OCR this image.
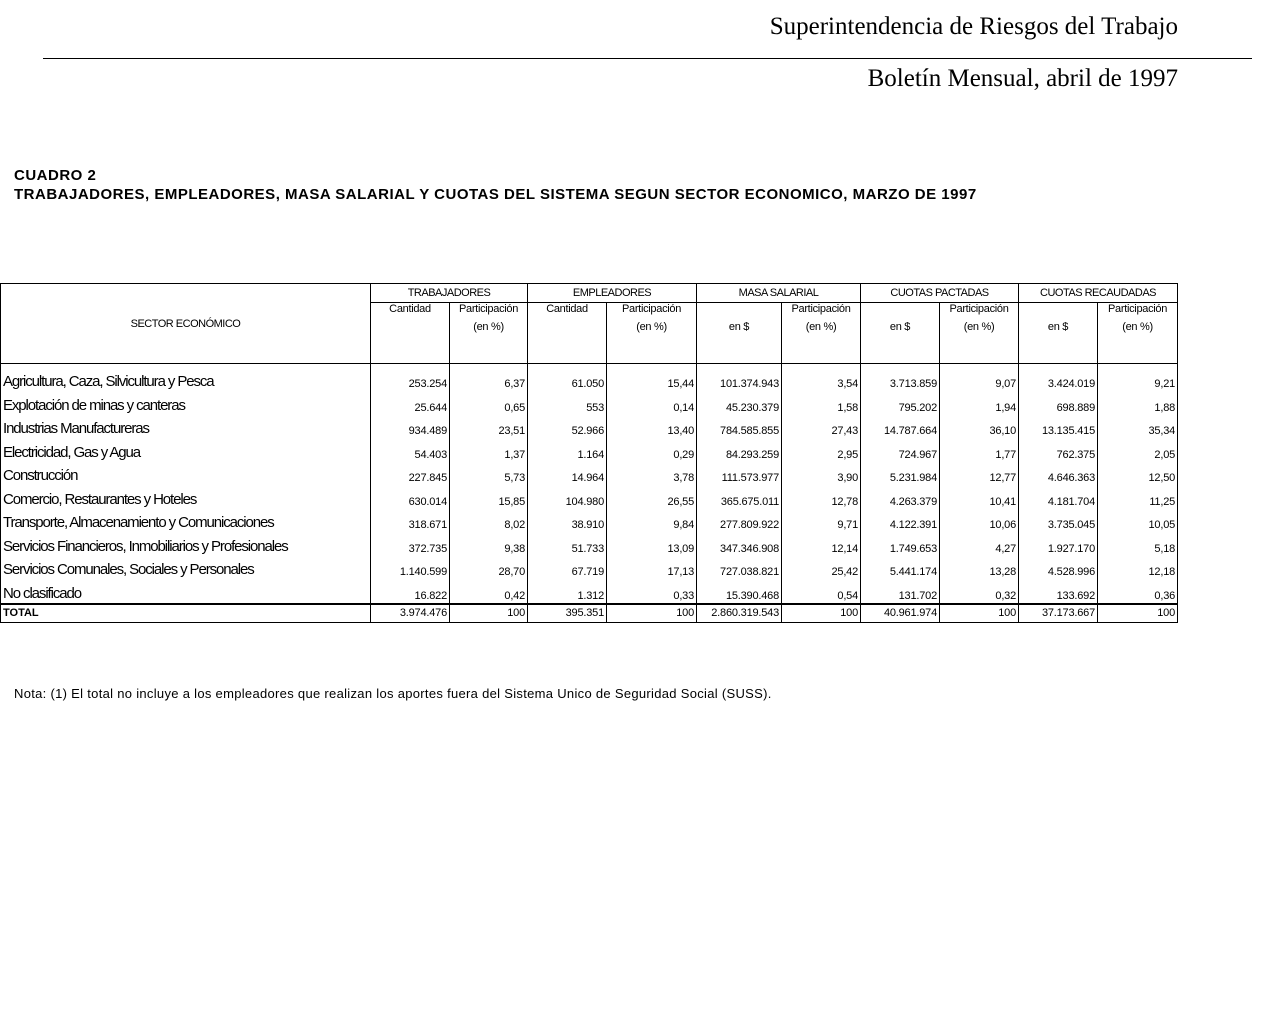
Superintendencia de Riesgos del Trabajo
Boletín Mensual, abril de 1997
CUADRO 2
TRABAJADORES, EMPLEADORES, MASA SALARIAL Y CUOTAS DEL SISTEMA SEGUN SECTOR ECONOMICO, MARZO DE 1997
SECTOR ECONÓMICO	TRABAJADORES		EMPLEADORES		MASA SALARIAL		CUOTAS PACTADAS		CUOTAS RECAUDADAS	
	Cantidad	Participación	Cantidad	Participación		Participación		Participación		Participación
		(en %)		(en %)	en $	(en %)	en $	(en %)	en $	(en %)
Agricultura, Caza, Silvicultura y Pesca	253.254	6,37	61.050	15,44	101.374.943	3,54	3.713.859	9,07	3.424.019	9,21
Explotación de minas y canteras	25.644	0,65	553	0,14	45.230.379	1,58	795.202	1,94	698.889	1,88
Industrias Manufactureras	934.489	23,51	52.966	13,40	784.585.855	27,43	14.787.664	36,10	13.135.415	35,34
Electricidad, Gas y Agua	54.403	1,37	1.164	0,29	84.293.259	2,95	724.967	1,77	762.375	2,05
Construcción	227.845	5,73	14.964	3,78	111.573.977	3,90	5.231.984	12,77	4.646.363	12,50
Comercio, Restaurantes y Hoteles	630.014	15,85	104.980	26,55	365.675.011	12,78	4.263.379	10,41	4.181.704	11,25
Transporte, Almacenamiento y Comunicaciones	318.671	8,02	38.910	9,84	277.809.922	9,71	4.122.391	10,06	3.735.045	10,05
Servicios Financieros, Inmobiliarios y Profesionales	372.735	9,38	51.733	13,09	347.346.908	12,14	1.749.653	4,27	1.927.170	5,18
Servicios Comunales, Sociales y Personales	1.140.599	28,70	67.719	17,13	727.038.821	25,42	5.441.174	13,28	4.528.996	12,18
No clasificado	16.822	0,42	1.312	0,33	15.390.468	0,54	131.702	0,32	133.692	0,36
TOTAL	3.974.476	100	395.351	100	2.860.319.543	100	40.961.974	100	37.173.667	100
Nota: (1) El total no incluye a los empleadores que realizan los aportes fuera del Sistema Unico de Seguridad Social (SUSS).
